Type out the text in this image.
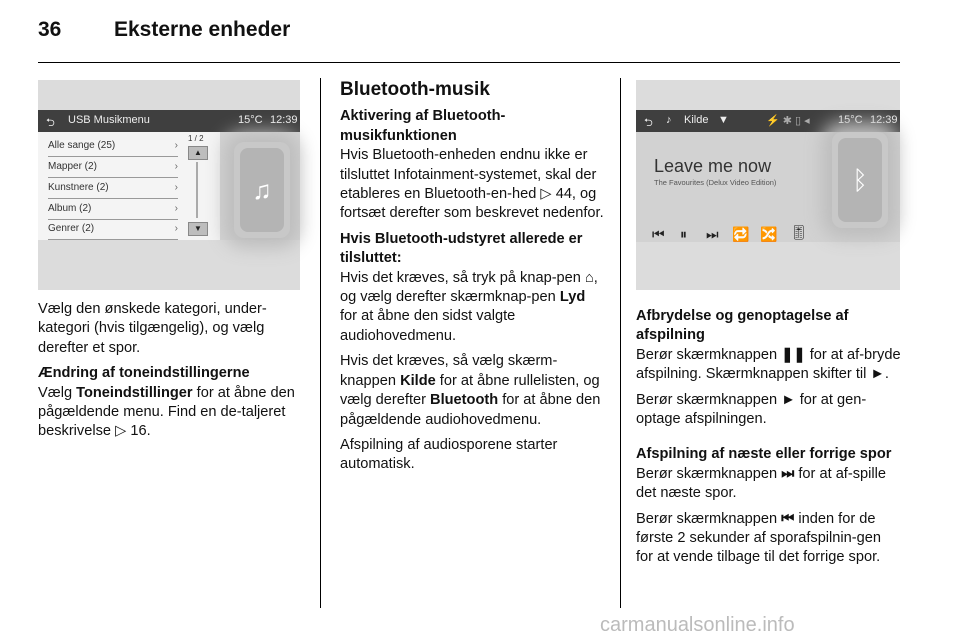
36	Eksterne enheder
⮌ USB Musikmenu	15°C 12:39
Alle sange (25)	›
Mapper (2)	›
Kunstnere (2)	›
Album (2)	›
Genrer (2)	›
1 / 2
▲
▼
♫

Vælg den ønskede kategori, under-kategori (hvis tilgængelig), og vælg derefter et spor.

Ændring af toneindstillingerne

Vælg Toneindstillinger for at åbne den pågældende menu. Find en de-taljeret beskrivelse ▷ 16.

Bluetooth-musik
Aktivering af Bluetooth-musikfunktionen

Hvis Bluetooth-enheden endnu ikke er tilsluttet Infotainment-systemet, skal der etableres en Bluetooth-en-hed ▷ 44, og fortsæt derefter som beskrevet nedenfor.

Hvis Bluetooth-udstyret allerede er tilsluttet:

Hvis det kræves, så tryk på knap-pen ⌂, og vælg derefter skærmknap-pen Lyd for at åbne den sidst valgte audiohovedmenu.

Hvis det kræves, så vælg skærm-knappen Kilde for at åbne rullelisten, og vælg derefter Bluetooth for at åbne den pågældende audiohovedmenu.

Afspilning af audiosporene starter automatisk.

⮌ ♪ Kilde ▼	⚡ ✱ ▯ ◂	15°C 12:39
Leave me now
The Favourites (Delux Video Edition)
⏮ ⏸ ⏭ 🔁 🔀 🎚
ᛒ
Afbrydelse og genoptagelse af afspilning

Berør skærmknappen ❚❚ for at af-bryde afspilning. Skærmknappen skifter til ►.

Berør skærmknappen ► for at gen-optage afspilningen.

Afspilning af næste eller forrige spor

Berør skærmknappen ⏭ for at af-spille det næste spor.

Berør skærmknappen ⏮ inden for de første 2 sekunder af sporafspilnin-gen for at vende tilbage til det forrige spor.

carmanualsonline.info
